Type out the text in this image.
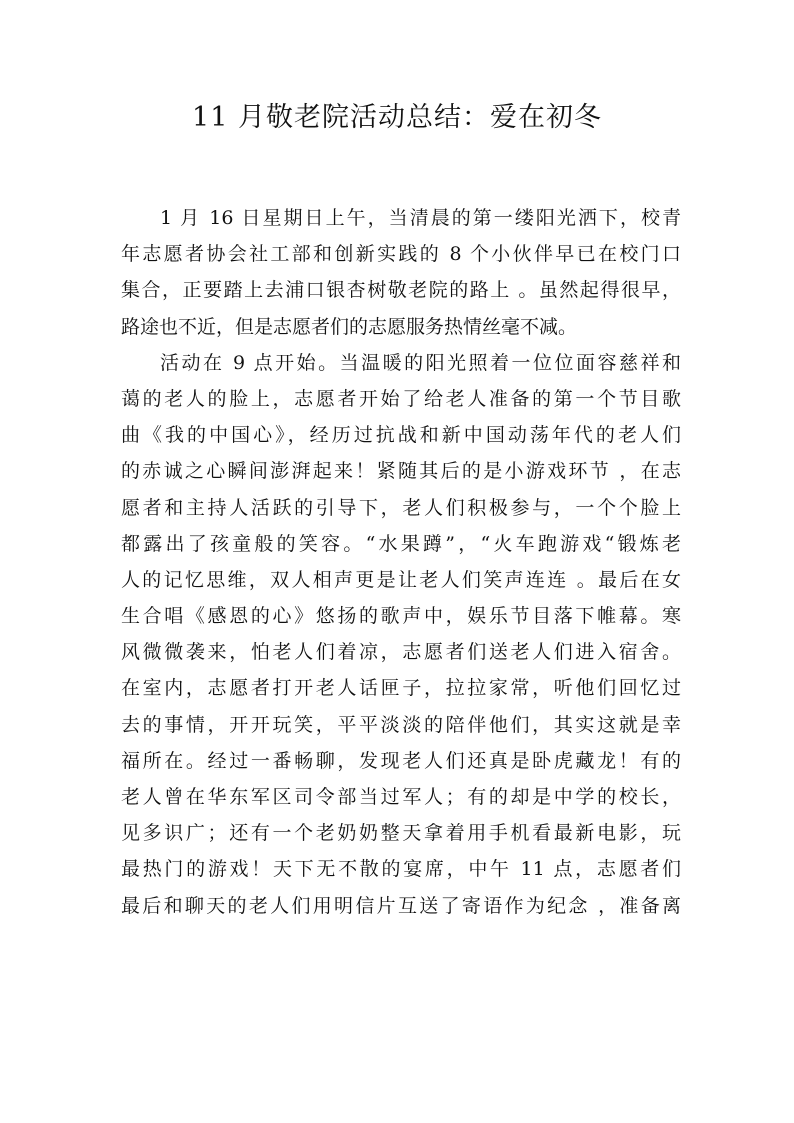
11 月敬老院活动总结：爱在初冬
1 月 16 日星期日上午，当清晨的第一缕阳光洒下，校青
年志愿者协会社工部和创新实践的 8 个小伙伴早已在校门口
集合，正要踏上去浦口银杏树敬老院的路上 。虽然起得很早，
路途也不近，但是志愿者们的志愿服务热情丝毫不减。
活动在 9 点开始。当温暖的阳光照着一位位面容慈祥和
蔼的老人的脸上，志愿者开始了给老人准备的第一个节目歌
曲《我的中国心》，经历过抗战和新中国动荡年代的老人们
的赤诚之心瞬间澎湃起来！紧随其后的是小游戏环节 ，在志
愿者和主持人活跃的引导下，老人们积极参与，一个个脸上
都露出了孩童般的笑容。“水果蹲”，“火车跑游戏“锻炼老
人的记忆思维，双人相声更是让老人们笑声连连 。最后在女
生合唱《感恩的心》悠扬的歌声中，娱乐节目落下帷幕。寒
风微微袭来，怕老人们着凉，志愿者们送老人们进入宿舍。
在室内，志愿者打开老人话匣子，拉拉家常，听他们回忆过
去的事情，开开玩笑，平平淡淡的陪伴他们，其实这就是幸
福所在。经过一番畅聊，发现老人们还真是卧虎藏龙！有的
老人曾在华东军区司令部当过军人；有的却是中学的校长，
见多识广；还有一个老奶奶整天拿着用手机看最新电影，玩
最热门的游戏！天下无不散的宴席，中午 11 点，志愿者们
最后和聊天的老人们用明信片互送了寄语作为纪念 ，准备离
